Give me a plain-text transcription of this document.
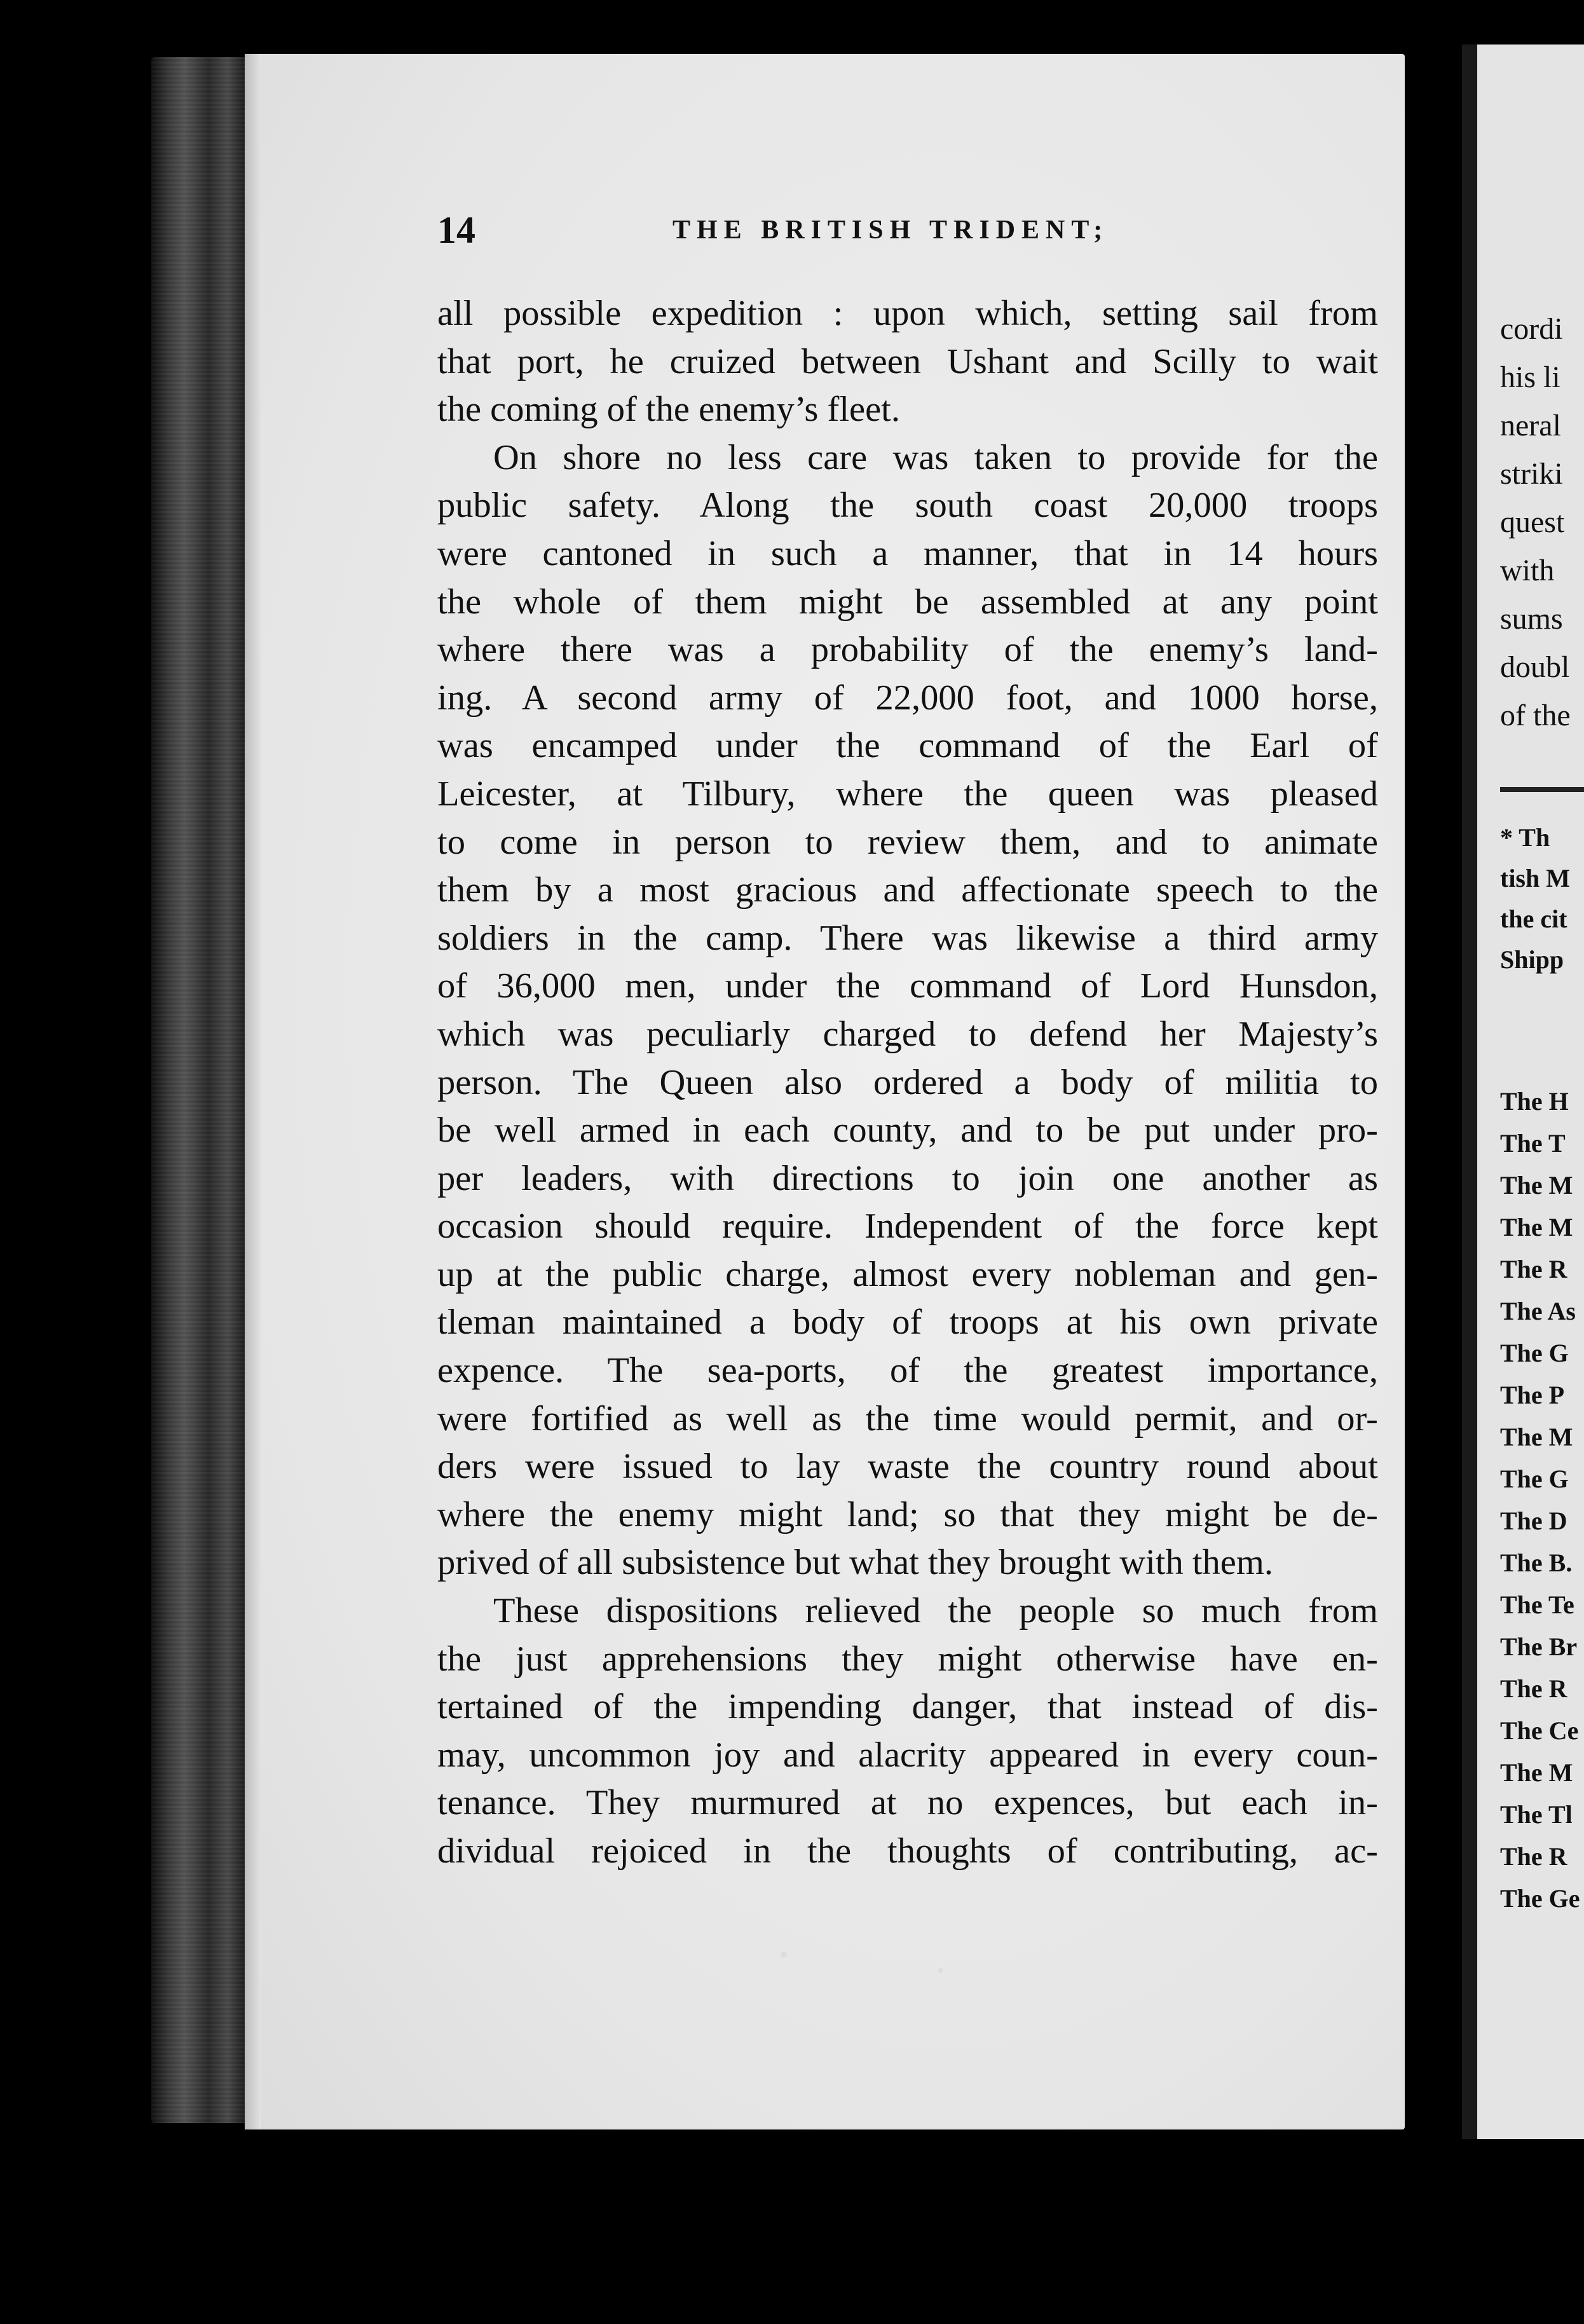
14	THE BRITISH TRIDENT;
all possible expedition : upon which, setting sail from
that port, he cruized between Ushant and Scilly to wait
the coming of the enemy’s fleet.
On shore no less care was taken to provide for the
public safety. Along the south coast 20,000 troops
were cantoned in such a manner, that in 14 hours
the whole of them might be assembled at any point
where there was a probability of the enemy’s land-
ing. A second army of 22,000 foot, and 1000 horse,
was encamped under the command of the Earl of
Leicester, at Tilbury, where the queen was pleased
to come in person to review them, and to animate
them by a most gracious and affectionate speech to the
soldiers in the camp. There was likewise a third army
of 36,000 men, under the command of Lord Hunsdon,
which was peculiarly charged to defend her Majesty’s
person. The Queen also ordered a body of militia to
be well armed in each county, and to be put under pro-
per leaders, with directions to join one another as
occasion should require. Independent of the force kept
up at the public charge, almost every nobleman and gen-
tleman maintained a body of troops at his own private
expence. The sea-ports, of the greatest importance,
were fortified as well as the time would permit, and or-
ders were issued to lay waste the country round about
where the enemy might land; so that they might be de-
prived of all subsistence but what they brought with them.
These dispositions relieved the people so much from
the just apprehensions they might otherwise have en-
tertained of the impending danger, that instead of dis-
may, uncommon joy and alacrity appeared in every coun-
tenance. They murmured at no expences, but each in-
dividual rejoiced in the thoughts of contributing, ac-
cordi
his li
neral
striki
quest
with
sums
doubl
of the
* Th
tish M
the cit
Shipp
The H
The T
The M
The M
The R
The As
The G
The P
The M
The G
The D
The B.
The Te
The Br
The R
The Ce
The M
The Tl
The R
The Ge
